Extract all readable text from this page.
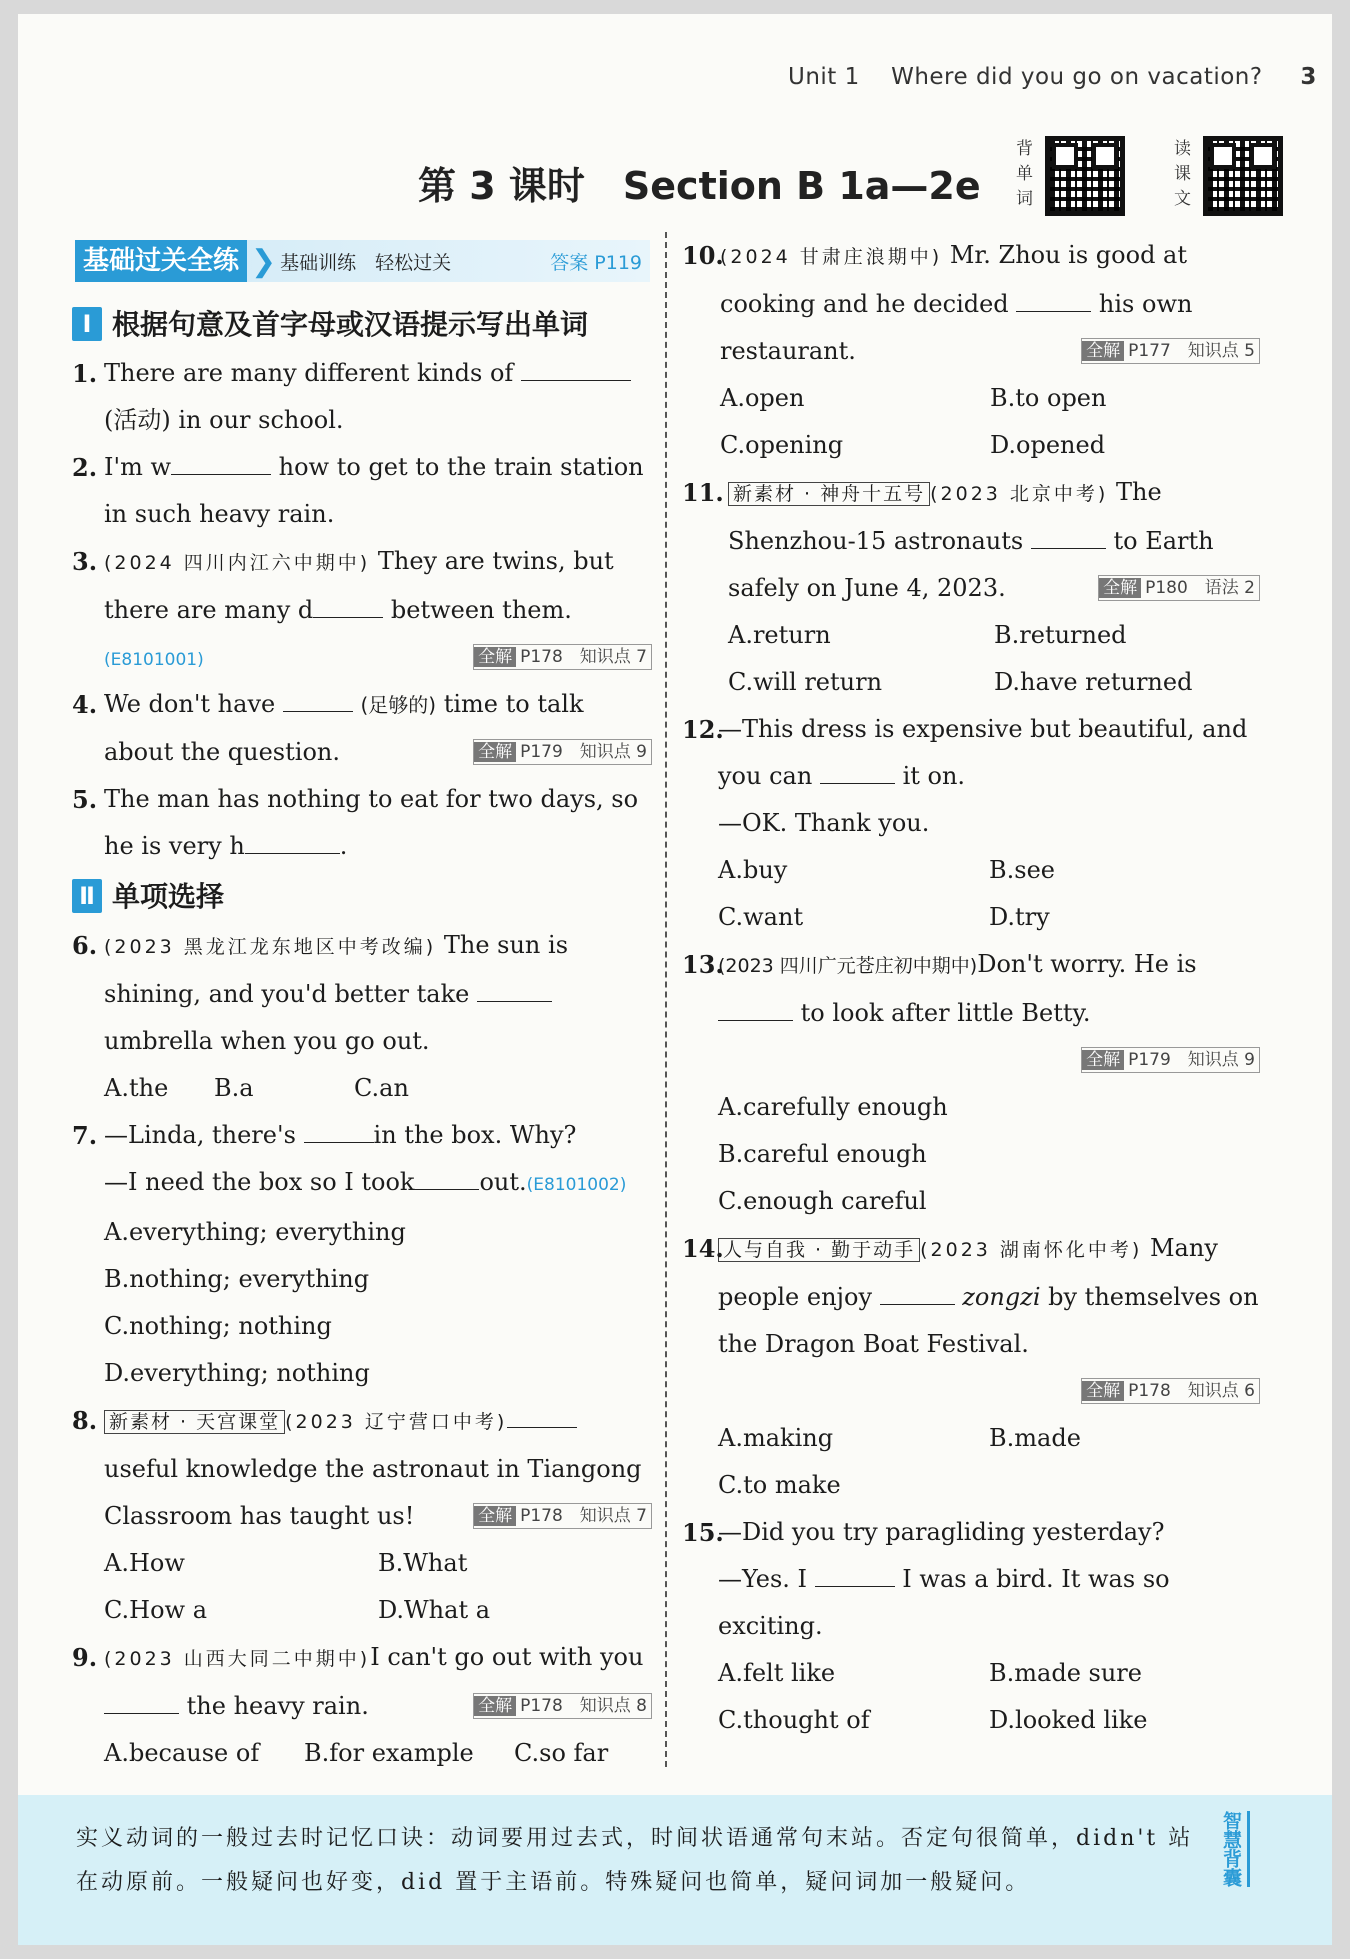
Unit 1　 Where did you go on vacation? 3
第 3 课时　Section B 1a—2e 背单词	读课文
基础过关全练 ❯ 基础训练　轻松过关	答案 P119
Ⅰ 根据句意及首字母或汉语提示写出单词
1. There are many different kinds of (活动) in our school.
2. I'm w	how to get to the train station in such heavy rain.
3. (2024 四川内江六中期中) They are twins, but there are many d	between them.
(E8101001)	全解 P178　知识点 7
4. We don't have	(足够的) time to talk about the question.	全解 P179　知识点 9
5. The man has nothing to eat for two days, so he is very h	.
Ⅱ 单项选择
6. (2023 黑龙江龙东地区中考改编) The sun is shining, and you'd better take  umbrella when you go out.
A.the	B.a	C.an
7. —Linda, there's	in the box. Why?
—I need the box so I took	out.(E8101002)
A.everything; everything
B.nothing; everything
C.nothing; nothing
D.everything; nothing
8. 新素材 · 天宫课堂 (2023 辽宁营口中考) useful knowledge the astronaut in Tiangong Classroom has taught us!	全解 P178　知识点 7
A.How	B.What
C.How a	D.What a
9. (2023 山西大同二中期中)I can't go out with you  the heavy rain.	全解 P178　知识点 8
A.because of	B.for example	C.so far
10.
(2024 甘肃庄浪期中) Mr. Zhou is good at cooking and he decided	his own restaurant.	全解 P177　知识点 5
A.open	B.to open
C.opening	D.opened
11. 新素材 · 神舟十五号 (2023 北京中考) The Shenzhou-15 astronauts	to Earth safely on June 4, 2023.	全解 P180　语法 2
A.return	B.returned
C.will return	D.have returned
12.
—This dress is expensive but beautiful, and you can	it on.
—OK. Thank you.
A.buy	B.see
C.want	D.try
13.
(2023 四川广元苍庄初中期中)Don't worry. He is  to look after little Betty.
全解 P179　知识点 9
A.carefully enough
B.careful enough
C.enough careful
14. 人与自我 · 勤于动手 (2023 湖南怀化中考) Many people enjoy	zongzi by themselves on the Dragon Boat Festival.
全解 P178　知识点 6
A.making	B.made
C.to make
15.
—Did you try paragliding yesterday?
—Yes. I	I was a bird. It was so exciting.
A.felt like	B.made sure
C.thought of	D.looked like
实义动词的一般过去时记忆口诀：动词要用过去式，时间状语通常句末站。否定句很简单，didn't 站在动原前。一般疑问也好变，did 置于主语前。特殊疑问也简单，疑问词加一般疑问。	智慧背囊
